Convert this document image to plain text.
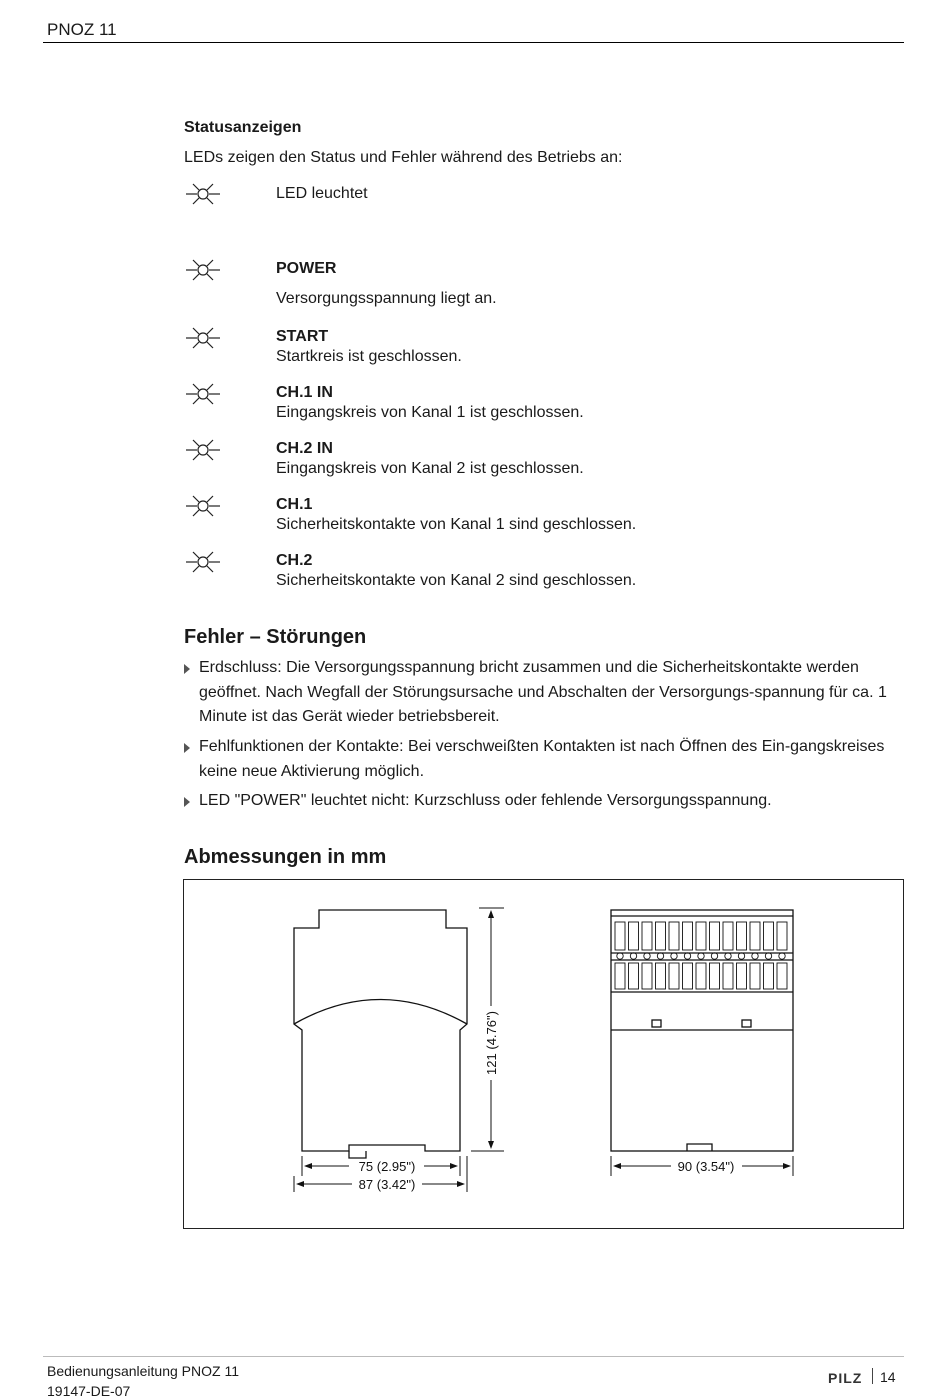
PNOZ 11
Statusanzeigen
LEDs zeigen den Status und Fehler während des Betriebs an:
LED leuchtet
POWER
Versorgungsspannung liegt an.
START
Startkreis ist geschlossen.
CH.1 IN
Eingangskreis von Kanal 1 ist geschlossen.
CH.2 IN
Eingangskreis von Kanal 2 ist geschlossen.
CH.1
Sicherheitskontakte von Kanal 1 sind geschlossen.
CH.2
Sicherheitskontakte von Kanal 2 sind geschlossen.
Fehler – Störungen
Erdschluss: Die Versorgungsspannung bricht zusammen und die Sicherheitskontakte werden geöffnet. Nach Wegfall der Störungsursache und Abschalten der Versorgungs-spannung für ca. 1 Minute ist das Gerät wieder betriebsbereit.
Fehlfunktionen der Kontakte: Bei verschweißten Kontakten ist nach Öffnen des Ein-gangskreises keine neue Aktivierung möglich.
LED "POWER" leuchtet nicht: Kurzschluss oder fehlende Versorgungsspannung.
Abmessungen in mm
75 (2.95")
87 (3.42")
90 (3.54")
121 (4.76")
Bedienungsanleitung PNOZ 11
19147-DE-07
PILZ 14
